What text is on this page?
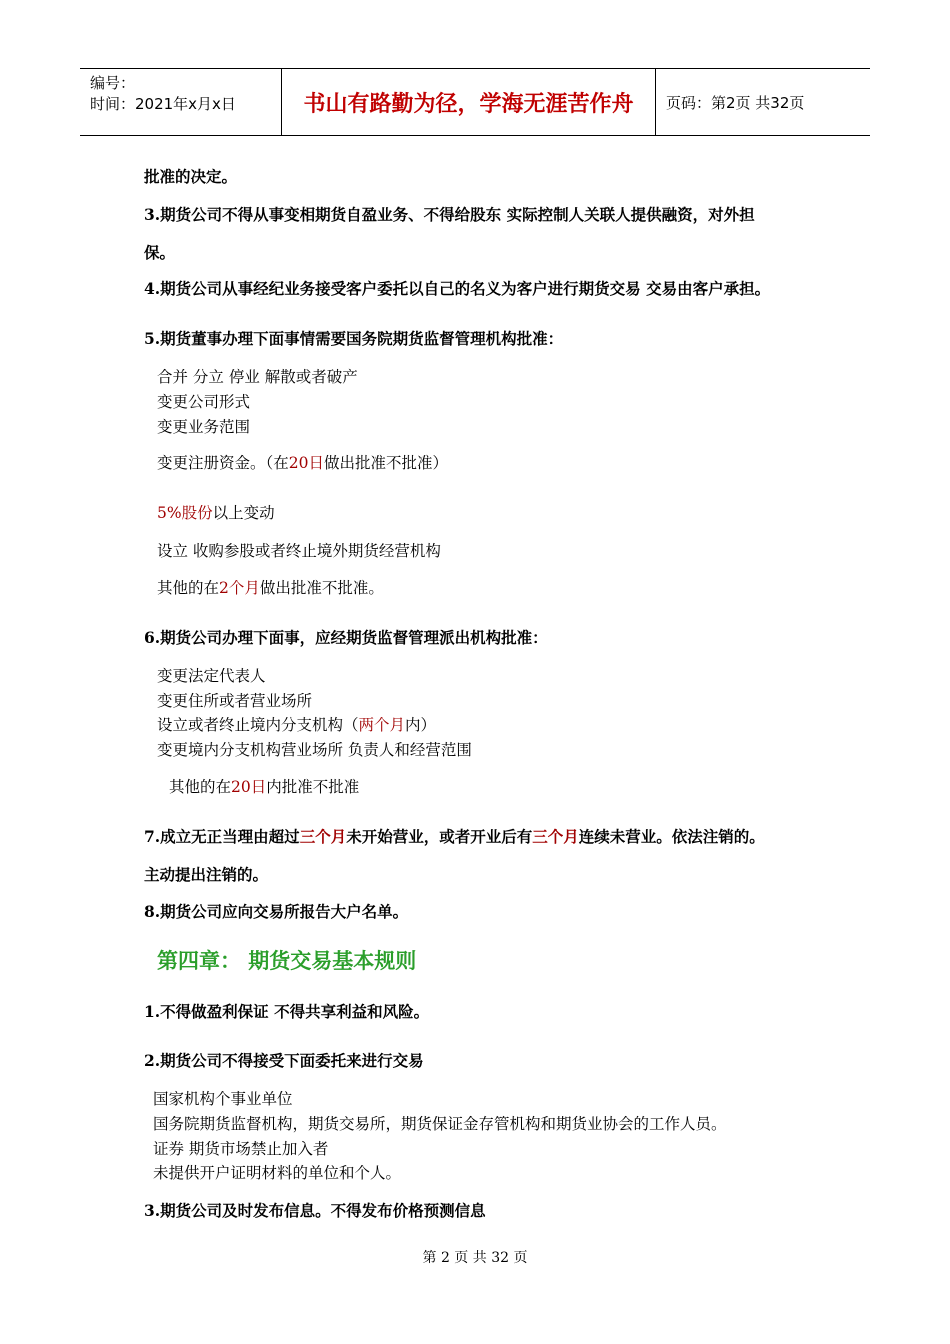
编号：
时间：2021年x月x日	书山有路勤为径，学海无涯苦作舟	页码：第2页 共32页
批准的决定。
3.期货公司不得从事变相期货自盈业务、不得给股东 实际控制人关联人提供融资，对外担
保。
4.期货公司从事经纪业务接受客户委托以自己的名义为客户进行期货交易 交易由客户承担。
5.期货董事办理下面事情需要国务院期货监督管理机构批准：
合并 分立 停业 解散或者破产
变更公司形式
变更业务范围
变更注册资金。（在20日做出批准不批准）
5%股份以上变动
设立 收购参股或者终止境外期货经营机构
其他的在2个月做出批准不批准。
6.期货公司办理下面事，应经期货监督管理派出机构批准：
变更法定代表人
变更住所或者营业场所
设立或者终止境内分支机构（两个月内）
变更境内分支机构营业场所 负责人和经营范围
其他的在20日内批准不批准
7.成立无正当理由超过三个月未开始营业，或者开业后有三个月连续未营业。依法注销的。
主动提出注销的。
8.期货公司应向交易所报告大户名单。
第四章： 期货交易基本规则
1.不得做盈利保证 不得共享利益和风险。
2.期货公司不得接受下面委托来进行交易
国家机构个事业单位
国务院期货监督机构，期货交易所，期货保证金存管机构和期货业协会的工作人员。
证券 期货市场禁止加入者
未提供开户证明材料的单位和个人。
3.期货公司及时发布信息。不得发布价格预测信息
第 2 页 共 32 页
